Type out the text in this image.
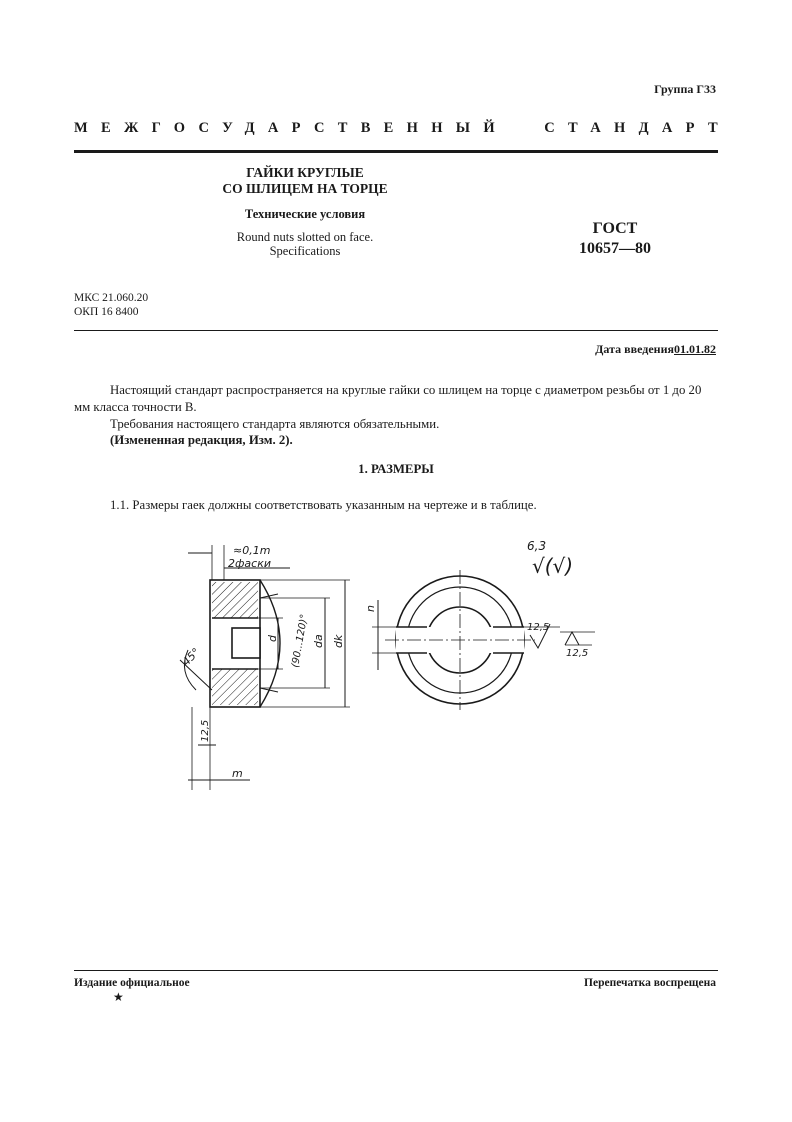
Группа Г33
МЕЖГОСУДАРСТВЕННЫЙ	СТАНДАРТ
ГАЙКИ КРУГЛЫЕ
СО ШЛИЦЕМ НА ТОРЦЕ
Технические условия
Round nuts slotted on face.
Specifications
ГОСТ
10657—80
МКС 21.060.20
ОКП 16 8400
Дата введения01.01.82
Настоящий стандарт распространяется на круглые гайки со шлицем на торце с диаметром резьбы от 1 до 20 мм класса точности В.
Требования настоящего стандарта являются обязательными.
(Измененная редакция, Изм. 2).
1. РАЗМЕРЫ
1.1. Размеры гаек должны соответствовать указанным на чертеже и в таблице.
≈0,1m
2фаски
45°
d	da dk
(90...120)°
12,5
m
n
12,5
12,5
6,3
√(√)
Издание официальное	Перепечатка воспрещена
★
